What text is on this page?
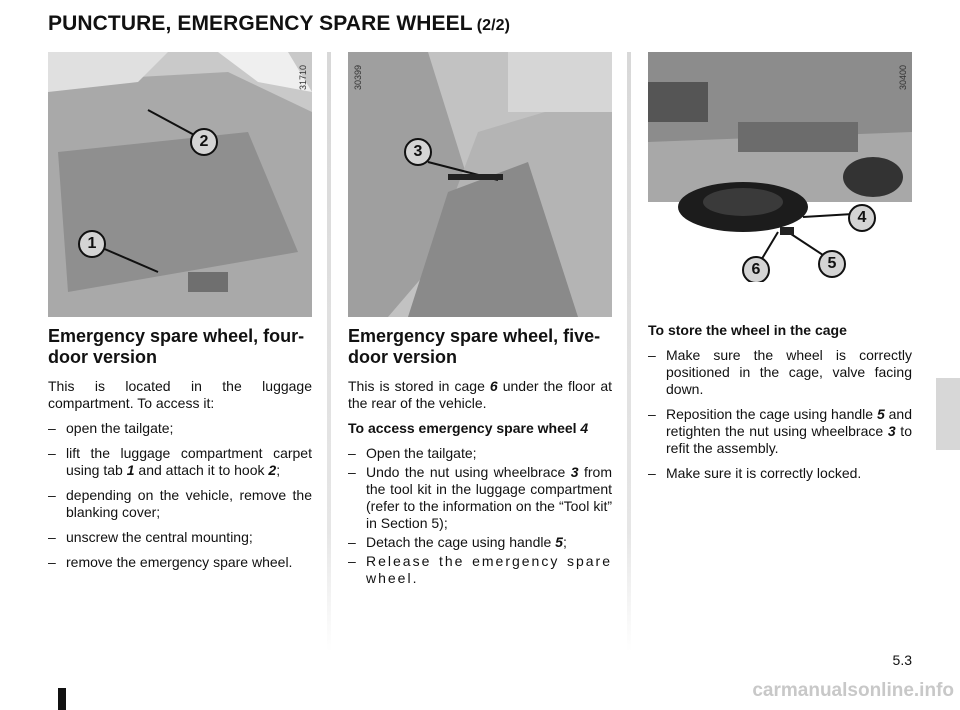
PUNCTURE, EMERGENCY SPARE WHEEL (2/2)
2
1
31710
3
30399
4
5
6
30400
Emergency spare wheel, four-door version

This is located in the luggage compartment. To access it:

– open the tailgate;
– lift the luggage compartment carpet using tab 1 and attach it to hook 2;
– depending on the vehicle, remove the blanking cover;
– unscrew the central mounting;
– remove the emergency spare wheel.
Emergency spare wheel, five-door version

This is stored in cage 6 under the floor at the rear of the vehicle.

To access emergency spare wheel 4

– Open the tailgate;
– Undo the nut using wheelbrace 3 from the tool kit in the luggage compartment (refer to the information on the “Tool kit” in Section 5);
– Detach the cage using handle 5;
– Release the emergency spare wheel.

To store the wheel in the cage

– Make sure the wheel is correctly positioned in the cage, valve facing down.
– Reposition the cage using handle 5 and retighten the nut using wheelbrace 3 to refit the assembly.
– Make sure it is correctly locked.
5.3
carmanualsonline.info
